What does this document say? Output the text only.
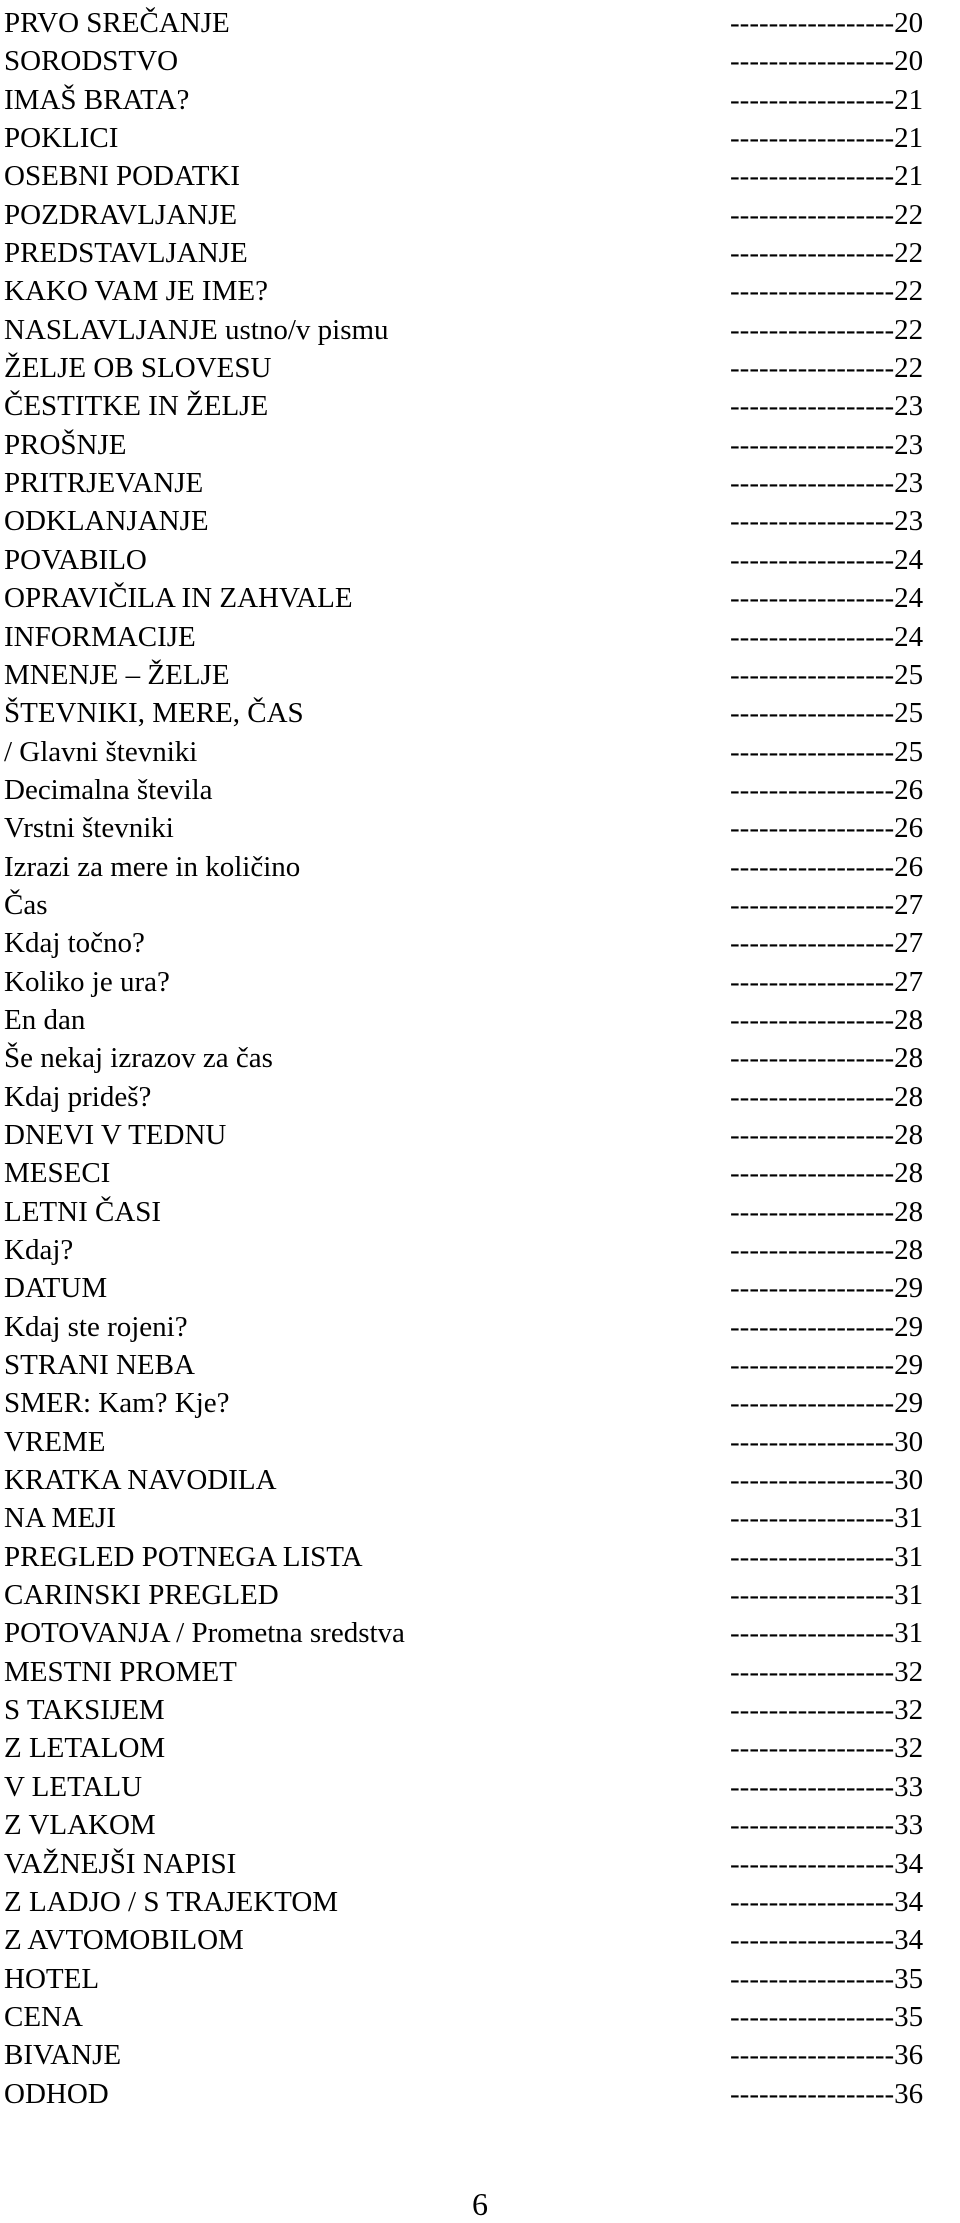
PRVO SREČANJE	-----------------20
SORODSTVO	-----------------20
IMAŠ BRATA?	-----------------21
POKLICI	-----------------21
OSEBNI PODATKI	-----------------21
POZDRAVLJANJE	-----------------22
PREDSTAVLJANJE	-----------------22
KAKO VAM JE IME?	-----------------22
NASLAVLJANJE ustno/v pismu	-----------------22
ŽELJE OB SLOVESU	-----------------22
ČESTITKE IN ŽELJE	-----------------23
PROŠNJE	-----------------23
PRITRJEVANJE	-----------------23
ODKLANJANJE	-----------------23
POVABILO	-----------------24
OPRAVIČILA IN ZAHVALE	-----------------24
INFORMACIJE	-----------------24
MNENJE – ŽELJE	-----------------25
ŠTEVNIKI, MERE, ČAS	-----------------25
/ Glavni števniki	-----------------25
Decimalna števila	-----------------26
Vrstni števniki	-----------------26
Izrazi za mere in količino	-----------------26
Čas	-----------------27
Kdaj točno?	-----------------27
Koliko je ura?	-----------------27
En dan	-----------------28
Še nekaj izrazov za čas	-----------------28
Kdaj prideš?	-----------------28
DNEVI V TEDNU	-----------------28
MESECI	-----------------28
LETNI ČASI	-----------------28
Kdaj?	-----------------28
DATUM	-----------------29
Kdaj ste rojeni?	-----------------29
STRANI NEBA	-----------------29
SMER: Kam? Kje?	-----------------29
VREME	-----------------30
KRATKA NAVODILA	-----------------30
NA MEJI	-----------------31
PREGLED POTNEGA LISTA	-----------------31
CARINSKI PREGLED	-----------------31
POTOVANJA / Prometna sredstva	-----------------31
MESTNI PROMET	-----------------32
S TAKSIJEM	-----------------32
Z LETALOM	-----------------32
V LETALU	-----------------33
Z VLAKOM	-----------------33
VAŽNEJŠI NAPISI	-----------------34
Z LADJO / S TRAJEKTOM	-----------------34
Z AVTOMOBILOM	-----------------34
HOTEL	-----------------35
CENA	-----------------35
BIVANJE	-----------------36
ODHOD	-----------------36
6
